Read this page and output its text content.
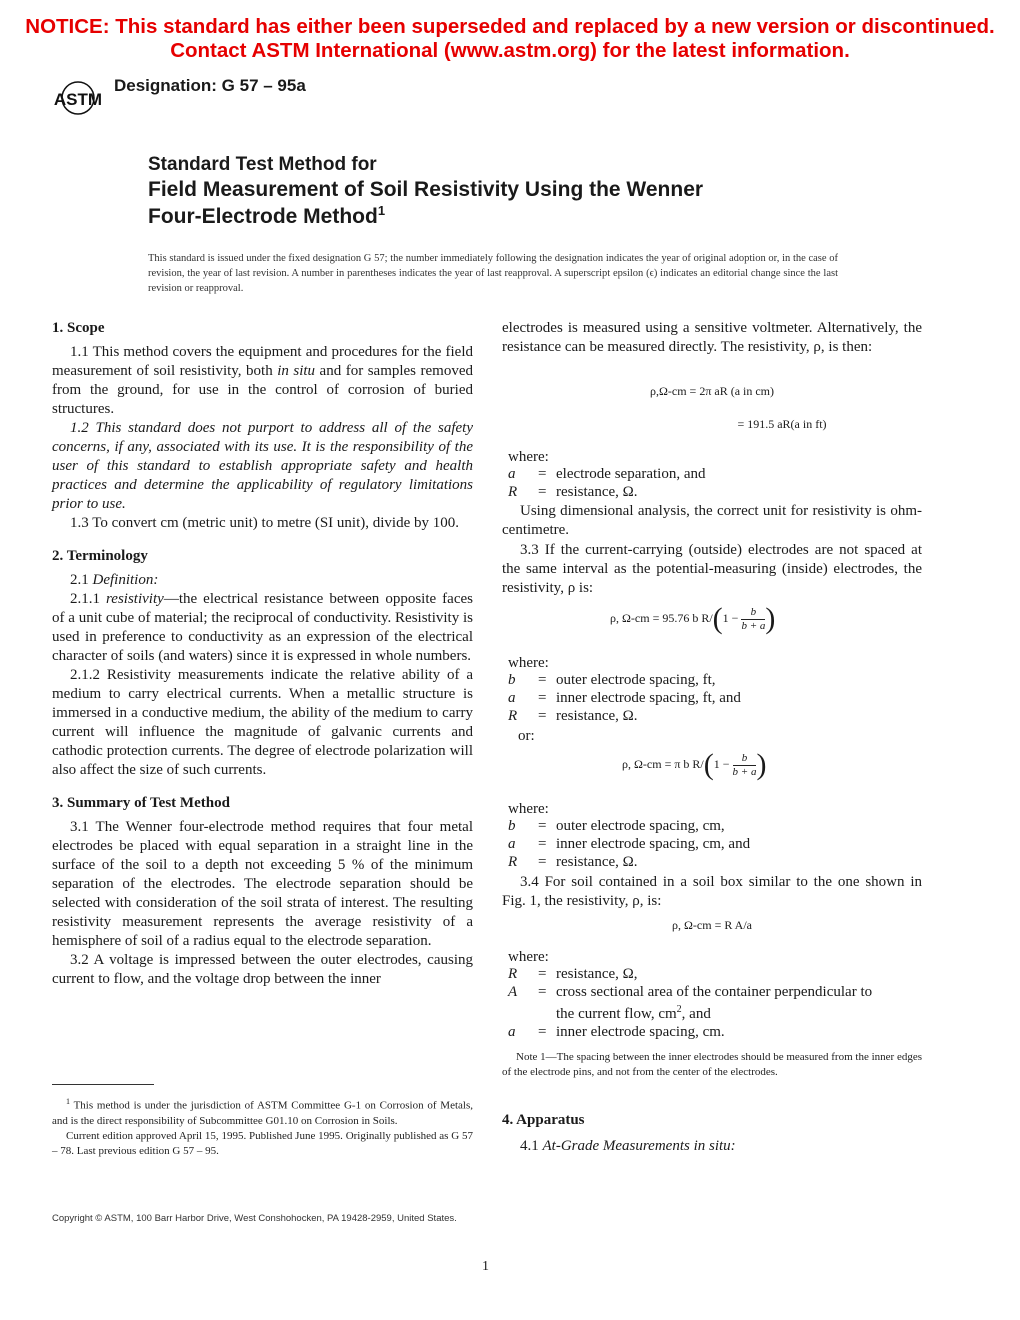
NOTICE: This standard has either been superseded and replaced by a new version or discontinued.
Contact ASTM International (www.astm.org) for the latest information.
ASTM
Designation: G 57 – 95a
Standard Test Method for
Field Measurement of Soil Resistivity Using the Wenner
Four-Electrode Method$^1$
This standard is issued under the fixed designation G 57; the number immediately following the designation indicates the year of original adoption or, in the case of revision, the year of last revision. A number in parentheses indicates the year of last reapproval. A superscript epsilon (ϵ) indicates an editorial change since the last revision or reapproval.
1. Scope
1.1 This method covers the equipment and procedures for the field measurement of soil resistivity, both in situ and for samples removed from the ground, for use in the control of corrosion of buried structures.
1.2 This standard does not purport to address all of the safety concerns, if any, associated with its use. It is the responsibility of the user of this standard to establish appropriate safety and health practices and determine the applicability of regulatory limitations prior to use.
1.3 To convert cm (metric unit) to metre (SI unit), divide by 100.
2. Terminology
2.1 Definition:
2.1.1 resistivity—the electrical resistance between opposite faces of a unit cube of material; the reciprocal of conductivity. Resistivity is used in preference to conductivity as an expression of the electrical character of soils (and waters) since it is expressed in whole numbers.
2.1.2 Resistivity measurements indicate the relative ability of a medium to carry electrical currents. When a metallic structure is immersed in a conductive medium, the ability of the medium to carry current will influence the magnitude of galvanic currents and cathodic protection currents. The degree of electrode polarization will also affect the size of such currents.
3. Summary of Test Method
3.1 The Wenner four-electrode method requires that four metal electrodes be placed with equal separation in a straight line in the surface of the soil to a depth not exceeding 5 % of the minimum separation of the electrodes. The electrode separation should be selected with consideration of the soil strata of interest. The resulting resistivity measurement represents the average resistivity of a hemisphere of soil of a radius equal to the electrode separation.
3.2 A voltage is impressed between the outer electrodes, causing current to flow, and the voltage drop between the inner
$^1$ This method is under the jurisdiction of ASTM Committee G-1 on Corrosion of Metals, and is the direct responsibility of Subcommittee G01.10 on Corrosion in Soils.
Current edition approved April 15, 1995. Published June 1995. Originally published as G 57 – 78. Last previous edition G 57 – 95.
electrodes is measured using a sensitive voltmeter. Alternatively, the resistance can be measured directly. The resistivity, ρ, is then:
ρ,Ω-cm = 2π aR (a in cm)
= 191.5 aR(a in ft)
where:
a = electrode separation, and
R = resistance, Ω.
Using dimensional analysis, the correct unit for resistivity is ohm-centimetre.
3.3 If the current-carrying (outside) electrodes are not spaced at the same interval as the potential-measuring (inside) electrodes, the resistivity, ρ is:
ρ, Ω-cm = 95.76 b $R/(1 - \frac{b}{b + a}$ )
where:
b = outer electrode spacing, ft,
a = inner electrode spacing, ft, and
R = resistance, Ω.
or:
ρ, Ω-cm = π b $R/(1 - \frac{b}{b + a}$ )
where:
b = outer electrode spacing, cm,
a = inner electrode spacing, cm, and
R = resistance, Ω.
3.4 For soil contained in a soil box similar to the one shown in Fig. 1, the resistivity, ρ, is:
ρ, Ω-cm = R A/a
where:
R = resistance, Ω,
A = cross sectional area of the container perpendicular to
the current flow, $cm^2$, and
a = inner electrode spacing, cm.
Note 1—The spacing between the inner electrodes should be measured from the inner edges of the electrode pins, and not from the center of the electrodes.
4. Apparatus
4.1 At-Grade Measurements in situ:
Copyright © ASTM, 100 Barr Harbor Drive, West Conshohocken, PA 19428-2959, United States.
1
